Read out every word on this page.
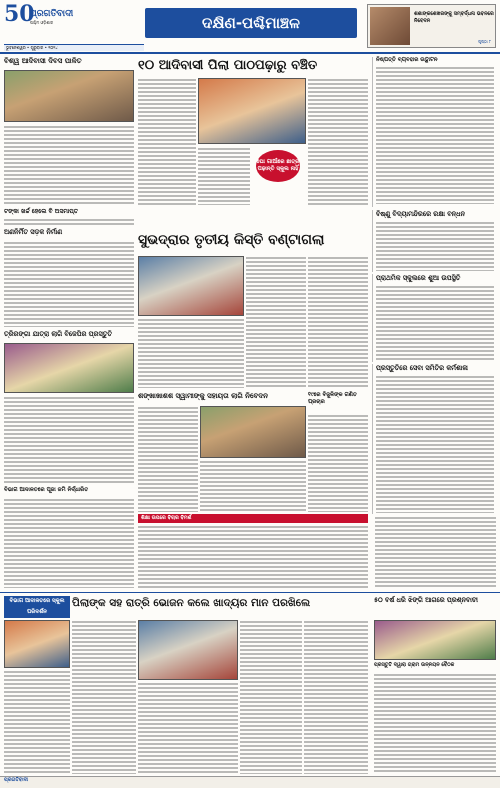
50
ପ୍ରଗତିବାଦୀ
ପଶ୍ଚିମ ଓଡ଼ିଶାର
ଭୁବନେଶ୍ୱର • ଗୁରୁବାର • ୨୦୨୪
ଦକ୍ଷିଣ-ପଶ୍ଚିମାଞ୍ଚଳ	ଶଶାଙ୍କଶେଖରଙ୍କୁ ସମ୍ବର୍ଦ୍ଧନା ଭବନରେ ନିବେଦନ
ପୃଷ୍ଠା ୮
ବିଶ୍ୱ ଆଦିବାସୀ ଦିବସ ପାଳିତ	୧୦ ଆଦିବାସୀ ପିଲା ପାଠପଢ଼ାରୁ ବଞ୍ଚିତ
ଘୋ ଗାଆଁରେ ଛାତ୍ର ପଢ଼ାନ୍ତି ସ୍କୁଲ ନାହିଁ
ନିଷ୍ପତ୍ତି ବ୍ୟବହାର ଉଦ୍ଘାଟନ
ଟଙ୍କା ଖର୍ଚ୍ଚ ହେଲେ ବି ଅସମାପ୍ତ
ଅଣନିର୍ମିତ ସଡ଼କ ନିର୍ମାଣ	ସୁଭଦ୍ରାର ତୃତୀୟ କିସ୍ତି ବଣ୍ଟାଗଲା
ବିଷ୍ଣୁ ବିଦ୍ୟାମନ୍ଦିରରେ ରକ୍ଷା ବନ୍ଧନ
ପ୍ରାଥମିକ ସ୍କୁଲରେ ଶୁଆ ଉପସ୍ଥିତି
ତ୍ରିରଙ୍ଗା ଯାତ୍ରା ଲାଗି ବିଜେପିର ପ୍ରସ୍ତୁତି
ଶଙ୍ଖାଖାଶଶ ସ୍ୱାମୀଙ୍କୁ ସହାୟତା ଲାଗି ନିବେଦନ	୧୯ରେ ବିଜୁଳିଙ୍କ ଗଣିତ ପ୍ରଚାର
ପ୍ରସ୍ତୁତିରେ ସେବା ସମିତିର କର୍ମଶାଳା
ଶିକ୍ଷା ଉପରେ ବିଚାର ବିମର୍ଶ
ବିଭାଗ ଆଦାଳତରେ ପୂଜା ଜମି ନିର୍ଦ୍ଧାରିତ
ବିଭାଗ ଆଦାଳତରେ ସ୍କୁଲ ପରିଦର୍ଶନ
ପିଲାଙ୍କ ସହ ରାତ୍ରି ଭୋଜନ କଲେ ଖାଦ୍ୟର ମାନ ପରଖିଲେ	୫୦ ବର୍ଷ ଧରି ଝିଙ୍ଗି ଆଗରେ ପ୍ରଶ୍ନବାଚୀ
ପ୍ରସ୍ତୁତି ଦ୍ୱାରା ଗ୍ରାମ ଉନ୍ନୟନ ବୈଠକ
ପ୍ରଗତିବାଦୀ
